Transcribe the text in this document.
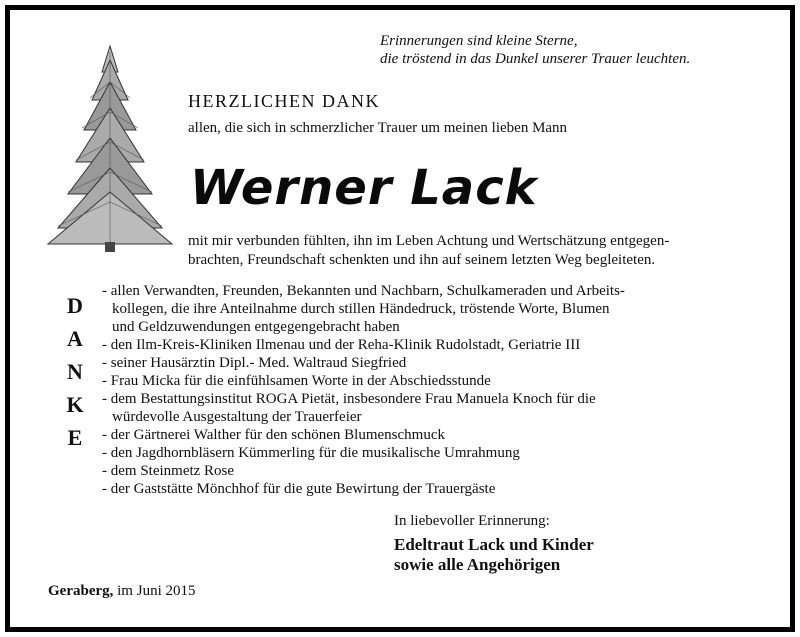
Erinnerungen sind kleine Sterne,
die tröstend in das Dunkel unserer Trauer leuchten.
HERZLICHEN DANK
allen, die sich in schmerzlicher Trauer um meinen lieben Mann
Werner Lack
mit mir verbunden fühlten, ihn im Leben Achtung und Wertschätzung entgegen-
brachten, Freundschaft schenkten und ihn auf seinem letzten Weg begleiteten.
D
A
N
K
E
- allen Verwandten, Freunden, Bekannten und Nachbarn, Schulkameraden und Arbeits-
kollegen, die ihre Anteilnahme durch stillen Händedruck, tröstende Worte, Blumen
und Geldzuwendungen entgegengebracht haben
- den Ilm-Kreis-Kliniken Ilmenau und der Reha-Klinik Rudolstadt, Geriatrie III
- seiner Hausärztin Dipl.- Med. Waltraud Siegfried
- Frau Micka für die einfühlsamen Worte in der Abschiedsstunde
- dem Bestattungsinstitut ROGA Pietät, insbesondere Frau Manuela Knoch für die
würdevolle Ausgestaltung der Trauerfeier
- der Gärtnerei Walther für den schönen Blumenschmuck
- den Jagdhornbläsern Kümmerling für die musikalische Umrahmung
- dem Steinmetz Rose
- der Gaststätte Mönchhof für die gute Bewirtung der Trauergäste
In liebevoller Erinnerung:
Edeltraut Lack und Kinder
sowie alle Angehörigen
Geraberg, im Juni 2015
